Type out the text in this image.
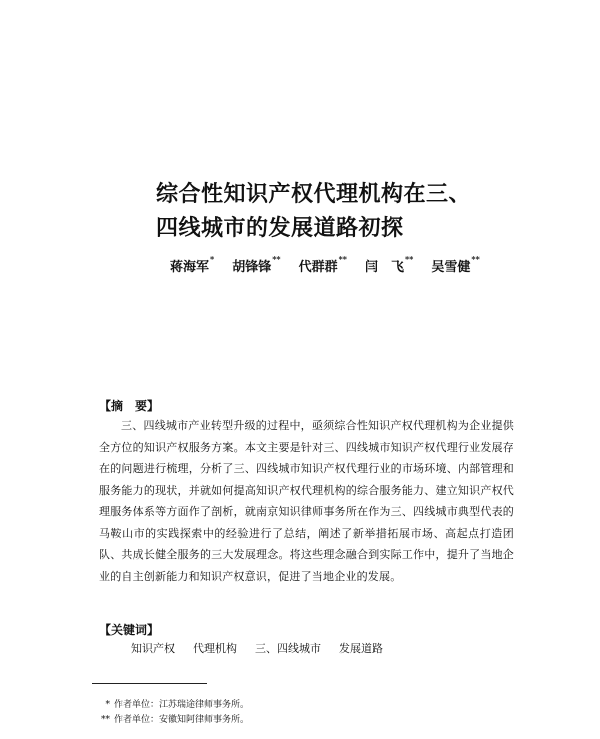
综合性知识产权代理机构在三、
四线城市的发展道路初探
蒋海军*
胡锋锋**
代群群**
闫　飞**
吴雪健**
【摘　要】

三、四线城市产业转型升级的过程中，亟须综合性知识产权代理机构为企业提供全方位的知识产权服务方案。本文主要是针对三、四线城市知识产权代理行业发展存在的问题进行梳理，分析了三、四线城市知识产权代理行业的市场环境、内部管理和服务能力的现状，并就如何提高知识产权代理机构的综合服务能力、建立知识产权代理服务体系等方面作了剖析，就南京知识律师事务所在作为三、四线城市典型代表的马鞍山市的实践探索中的经验进行了总结，阐述了新举措拓展市场、高起点打造团队、共成长健全服务的三大发展理念。将这些理念融合到实际工作中，提升了当地企业的自主创新能力和知识产权意识，促进了当地企业的发展。

【关键词】
知识产权 代理机构 三、四线城市 发展道路
* 作者单位：江苏瑞途律师事务所。
** 作者单位：安徽知阿律师事务所。
